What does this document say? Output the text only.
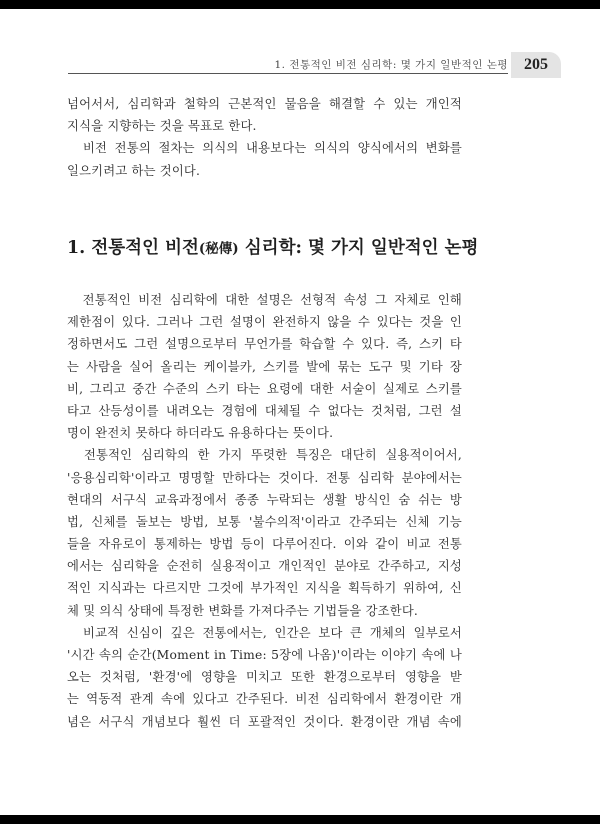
1. 전통적인 비전 심리학: 몇 가지 일반적인 논평	205
넘어서서, 심리학과 철학의 근본적인 물음을 해결할 수 있는 개인적
지식을 지향하는 것을 목표로 한다.
　비전 전통의 절차는 의식의 내용보다는 의식의 양식에서의 변화를
일으키려고 하는 것이다.
1. 전통적인 비전(秘傳) 심리학: 몇 가지 일반적인 논평
　전통적인 비전 심리학에 대한 설명은 선형적 속성 그 자체로 인해
제한점이 있다. 그러나 그런 설명이 완전하지 않을 수 있다는 것을 인
정하면서도 그런 설명으로부터 무언가를 학습할 수 있다. 즉, 스키 타
는 사람을 실어 올리는 케이블카, 스키를 발에 묶는 도구 및 기타 장
비, 그리고 중간 수준의 스키 타는 요령에 대한 서술이 실제로 스키를
타고 산등성이를 내려오는 경험에 대체될 수 없다는 것처럼, 그런 설
명이 완전치 못하다 하더라도 유용하다는 뜻이다.
　전통적인 심리학의 한 가지 뚜렷한 특징은 대단히 실용적이어서,
'응용심리학'이라고 명명할 만하다는 것이다. 전통 심리학 분야에서는
현대의 서구식 교육과정에서 종종 누락되는 생활 방식인 숨 쉬는 방
법, 신체를 돌보는 방법, 보통 '불수의적'이라고 간주되는 신체 기능
들을 자유로이 통제하는 방법 등이 다루어진다. 이와 같이 비교 전통
에서는 심리학을 순전히 실용적이고 개인적인 분야로 간주하고, 지성
적인 지식과는 다르지만 그것에 부가적인 지식을 획득하기 위하여, 신
체 및 의식 상태에 특정한 변화를 가져다주는 기법들을 강조한다.
　비교적 신심이 깊은 전통에서는, 인간은 보다 큰 개체의 일부로서
'시간 속의 순간(Moment in Time: 5장에 나옴)'이라는 이야기 속에 나
오는 것처럼, '환경'에 영향을 미치고 또한 환경으로부터 영향을 받
는 역동적 관계 속에 있다고 간주된다. 비전 심리학에서 환경이란 개
념은 서구식 개념보다 훨씬 더 포괄적인 것이다. 환경이란 개념 속에
